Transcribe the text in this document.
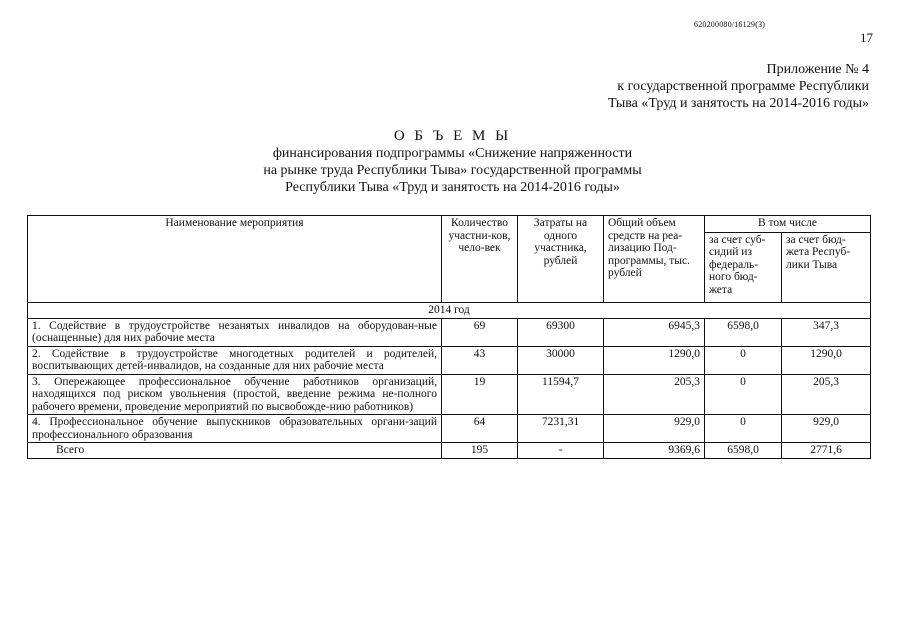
620200080/16129(3)
17
Приложение № 4
к государственной программе Республики
Тыва «Труд и занятость на 2014-2016 годы»
О Б Ъ Е М Ы
финансирования подпрограммы «Снижение напряженности
на рынке труда Республики Тыва» государственной программы
Республики Тыва «Труд и занятость на 2014-2016 годы»
Наименование мероприятия	Количество участни-ков, чело-век	Затраты на одного участника, рублей	Общий объем средств на реа-лизацию Под-программы, тыс. рублей	В том числе	
				за счет суб-сидий из федераль-ного бюд-жета	за счет бюд-жета Респуб-лики Тыва
2014 год					
1. Содействие в трудоустройстве незанятых инвалидов на оборудован-ные (оснащенные) для них рабочие места	69	69300	6945,3	6598,0	347,3
2. Содействие в трудоустройстве многодетных родителей и родителей, воспитывающих детей-инвалидов, на созданные для них рабочие места	43	30000	1290,0	0	1290,0
3. Опережающее профессиональное обучение работников организаций, находящихся под риском увольнения (простой, введение режима не-полного рабочего времени, проведение мероприятий по высвобожде-нию работников)	19	11594,7	205,3	0	205,3
4. Профессиональное обучение выпускников образовательных органи-заций профессионального образования	64	7231,31	929,0	0	929,0
Всего	195	-	9369,6	6598,0	2771,6
